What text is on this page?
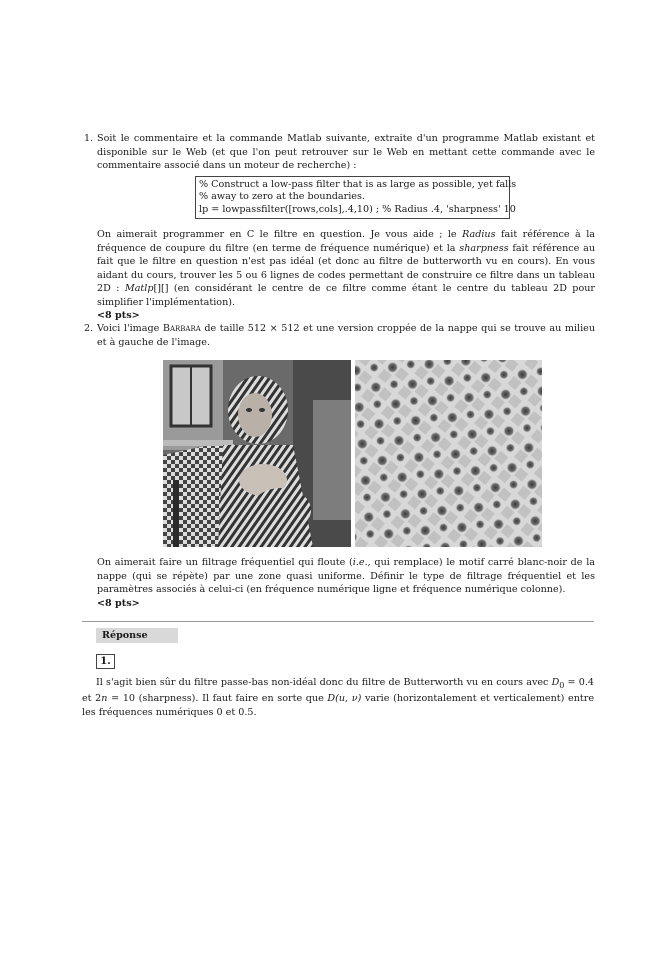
1. Soit le commentaire et la commande Matlab suivante, extraite d'un programme Matlab existant et disponible sur le Web (et que l'on peut retrouver sur le Web en mettant cette commande avec le commentaire associé dans un moteur de recherche) :

% Construct a low-pass filter that is as large as possible, yet falls
% away to zero at the boundaries.
lp = lowpassfilter([rows,cols],.4,10) ; % Radius .4, 'sharpness' 10

On aimerait programmer en C le filtre en question. Je vous aide ; le Radius fait référence à la fréquence de coupure du filtre (en terme de fréquence numérique) et la sharpness fait référence au fait que le filtre en question n'est pas idéal (et donc au filtre de butterworth vu en cours). En vous aidant du cours, trouver les 5 ou 6 lignes de codes permettant de construire ce filtre dans un tableau 2D : Matlp[][] (en considérant le centre de ce filtre comme étant le centre du tableau 2D pour simplifier l'implémentation).

<8 pts>
2. Voici l'image Barbara de taille 512 × 512 et une version croppée de la nappe qui se trouve au milieu et à gauche de l'image.

On aimerait faire un filtrage fréquentiel qui floute (i.e., qui remplace) le motif carré blanc-noir de la nappe (qui se répète) par une zone quasi uniforme. Définir le type de filtrage fréquentiel et les paramètres associés à celui-ci (en fréquence numérique ligne et fréquence numérique colonne).

<8 pts>
Réponse
1.

Il s'agit bien sûr du filtre passe-bas non-idéal donc du filtre de Butterworth vu en cours avec $D_0 = 0.4$ et 2n = 10 (sharpness). Il faut faire en sorte que D(u, ν) varie (horizontalement et verticalement) entre les fréquences numériques 0 et 0.5.
